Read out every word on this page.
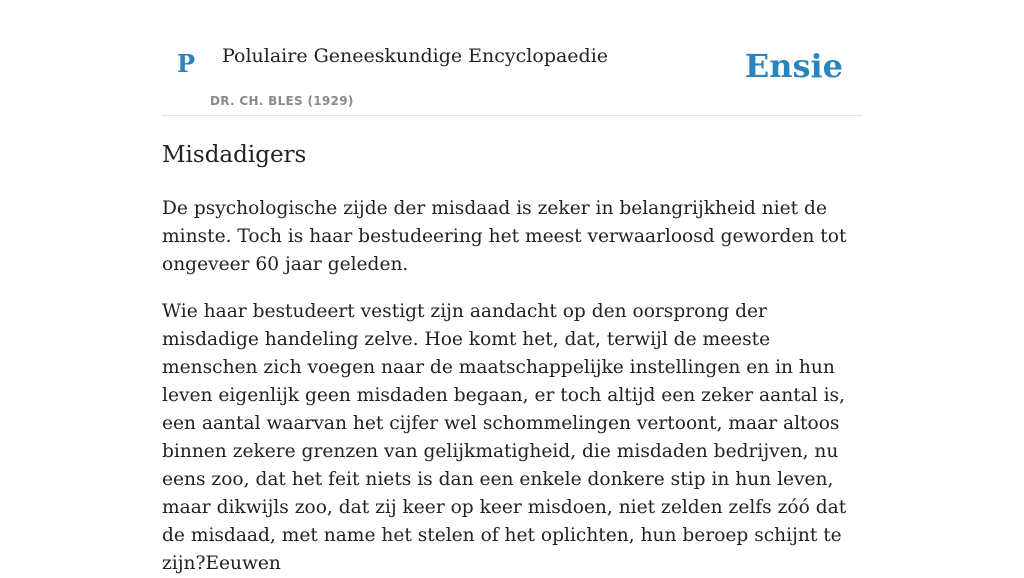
P Polulaire Geneeskundige Encyclopaedie
DR. CH. BLES (1929)
Ensie
Misdadigers

De psychologische zijde der misdaad is zeker in belangrijkheid niet de minste. Toch is haar bestudeering het meest verwaarloosd geworden tot ongeveer 60 jaar geleden.

Wie haar bestudeert vestigt zijn aandacht op den oorsprong der misdadige handeling zelve. Hoe komt het, dat, terwijl de meeste menschen zich voegen naar de maatschappelijke instellingen en in hun leven eigenlijk geen misdaden begaan, er toch altijd een zeker aantal is, een aantal waarvan het cijfer wel schommelingen vertoont, maar altoos binnen zekere grenzen van gelijkmatigheid, die misdaden bedrijven, nu eens zoo, dat het feit niets is dan een enkele donkere stip in hun leven, maar dikwijls zoo, dat zij keer op keer misdoen, niet zelden zelfs zóó dat de misdaad, met name het stelen of het oplichten, hun beroep schijnt te zijn?Eeuwen
